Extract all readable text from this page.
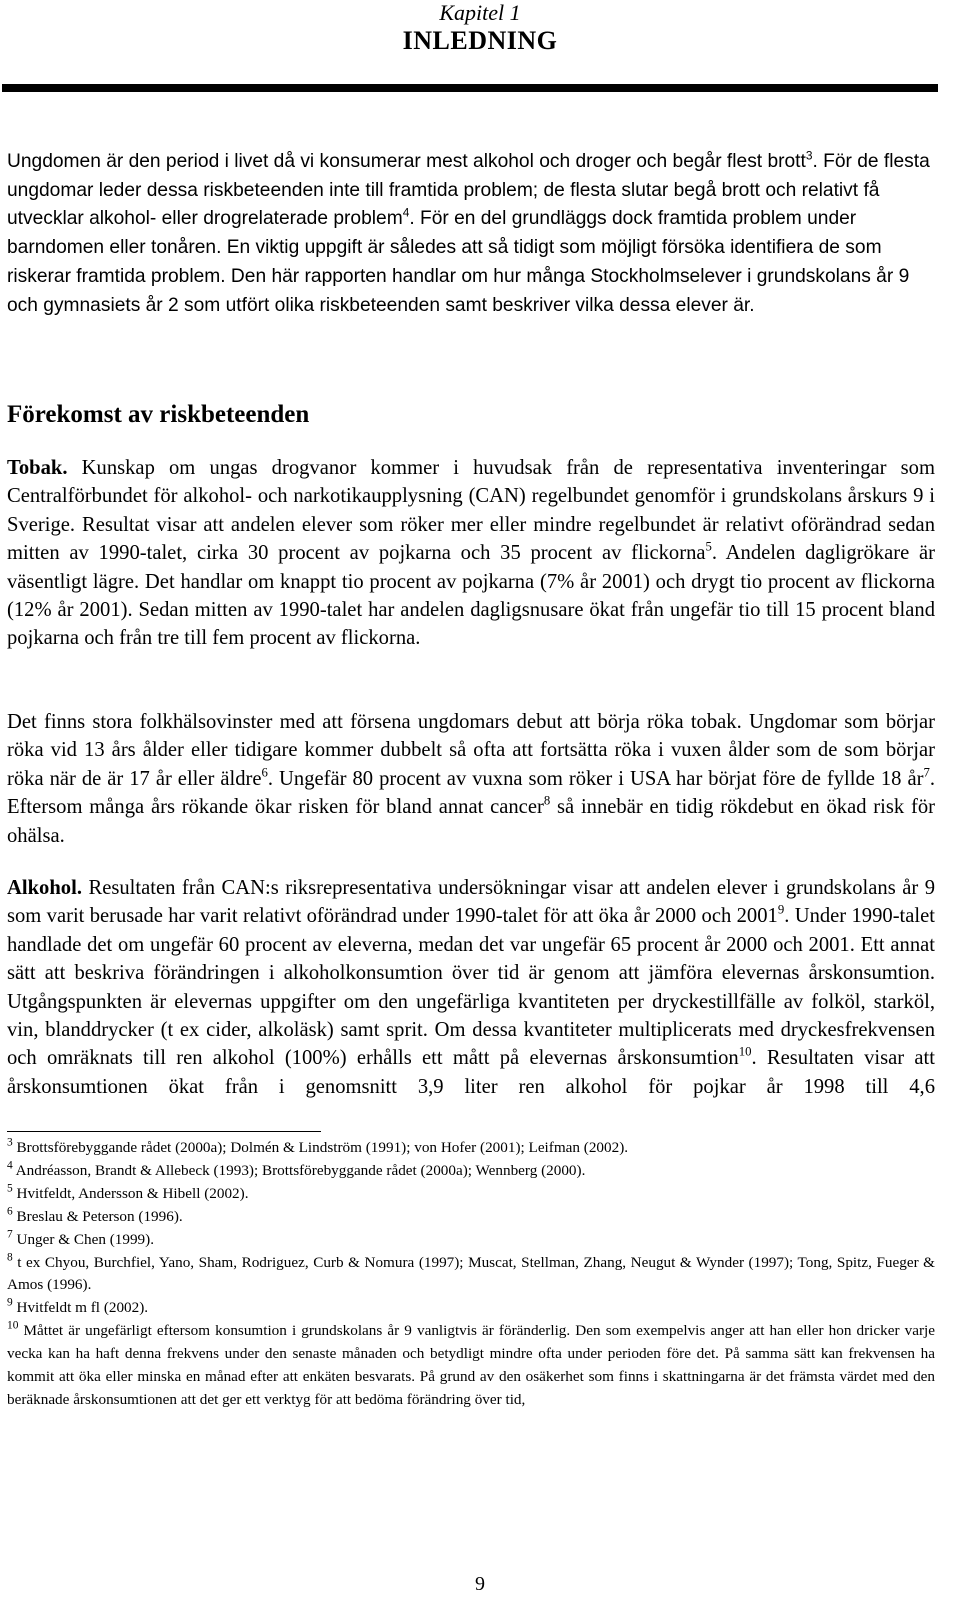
Kapitel 1
INLEDNING

Ungdomen är den period i livet då vi konsumerar mest alkohol och droger och begår flest brott$^3$. För de flesta ungdomar leder dessa riskbeteenden inte till framtida problem; de flesta slutar begå brott och relativt få utvecklar alkohol- eller drogrelaterade problem$^4$. För en del grundläggs dock framtida problem under barndomen eller tonåren. En viktig uppgift är således att så tidigt som möjligt försöka identifiera de som riskerar framtida problem. Den här rapporten handlar om hur många Stockholmselever i grundskolans år 9 och gymnasiets år 2 som utfört olika riskbeteenden samt beskriver vilka dessa elever är.

Förekomst av riskbeteenden

Tobak. Kunskap om ungas drogvanor kommer i huvudsak från de representativa inventeringar som Centralförbundet för alkohol- och narkotikaupplysning (CAN) regelbundet genomför i grundskolans årskurs 9 i Sverige. Resultat visar att andelen elever som röker mer eller mindre regelbundet är relativt oförändrad sedan mitten av 1990-talet, cirka 30 procent av pojkarna och 35 procent av flickorna$^5$. Andelen dagligrökare är väsentligt lägre. Det handlar om knappt tio procent av pojkarna (7% år 2001) och drygt tio procent av flickorna (12% år 2001). Sedan mitten av 1990-talet har andelen dagligsnusare ökat från ungefär tio till 15 procent bland pojkarna och från tre till fem procent av flickorna.

Det finns stora folkhälsovinster med att försena ungdomars debut att börja röka tobak. Ungdomar som börjar röka vid 13 års ålder eller tidigare kommer dubbelt så ofta att fortsätta röka i vuxen ålder som de som börjar röka när de är 17 år eller äldre$^6$. Ungefär 80 procent av vuxna som röker i USA har börjat före de fyllde 18 $år^7$. Eftersom många års rökande ökar risken för bland annat cancer$^8$ så innebär en tidig rökdebut en ökad risk för ohälsa.

Alkohol. Resultaten från CAN:s riksrepresentativa undersökningar visar att andelen elever i grundskolans år 9 som varit berusade har varit relativt oförändrad under 1990-talet för att öka år 2000 och 2001$^9$. Under 1990-talet handlade det om ungefär 60 procent av eleverna, medan det var ungefär 65 procent år 2000 och 2001. Ett annat sätt att beskriva förändringen i alkoholkonsumtion över tid är genom att jämföra elevernas årskonsumtion. Utgångspunkten är elevernas uppgifter om den ungefärliga kvantiteten per dryckestillfälle av folköl, starköl, vin, blanddrycker (t ex cider, alkoläsk) samt sprit. Om dessa kvantiteter multiplicerats med dryckesfrekvensen och omräknats till ren alkohol (100%) erhålls ett mått på elevernas årskonsumtion$^{10}$. Resultaten visar att årskonsumtionen ökat från i genomsnitt 3,9 liter ren alkohol för pojkar år 1998 till 4,6

$^3$ Brottsförebyggande rådet (2000a); Dolmén & Lindström (1991); von Hofer (2001); Leifman (2002).

$^4$ Andréasson, Brandt & Allebeck (1993); Brottsförebyggande rådet (2000a); Wennberg (2000).

$^5$ Hvitfeldt, Andersson & Hibell (2002).

$^6$ Breslau & Peterson (1996).

$^7$ Unger & Chen (1999).

$^8$ t ex Chyou, Burchfiel, Yano, Sham, Rodriguez, Curb & Nomura (1997); Muscat, Stellman, Zhang, Neugut & Wynder (1997); Tong, Spitz, Fueger & Amos (1996).

$^9$ Hvitfeldt m fl (2002).

$^{10}$ Måttet är ungefärligt eftersom konsumtion i grundskolans år 9 vanligtvis är föränderlig. Den som exempelvis anger att han eller hon dricker varje vecka kan ha haft denna frekvens under den senaste månaden och betydligt mindre ofta under perioden före det. På samma sätt kan frekvensen ha kommit att öka eller minska en månad efter att enkäten besvarats. På grund av den osäkerhet som finns i skattningarna är det främsta värdet med den beräknade årskonsumtionen att det ger ett verktyg för att bedöma förändring över tid,

9
